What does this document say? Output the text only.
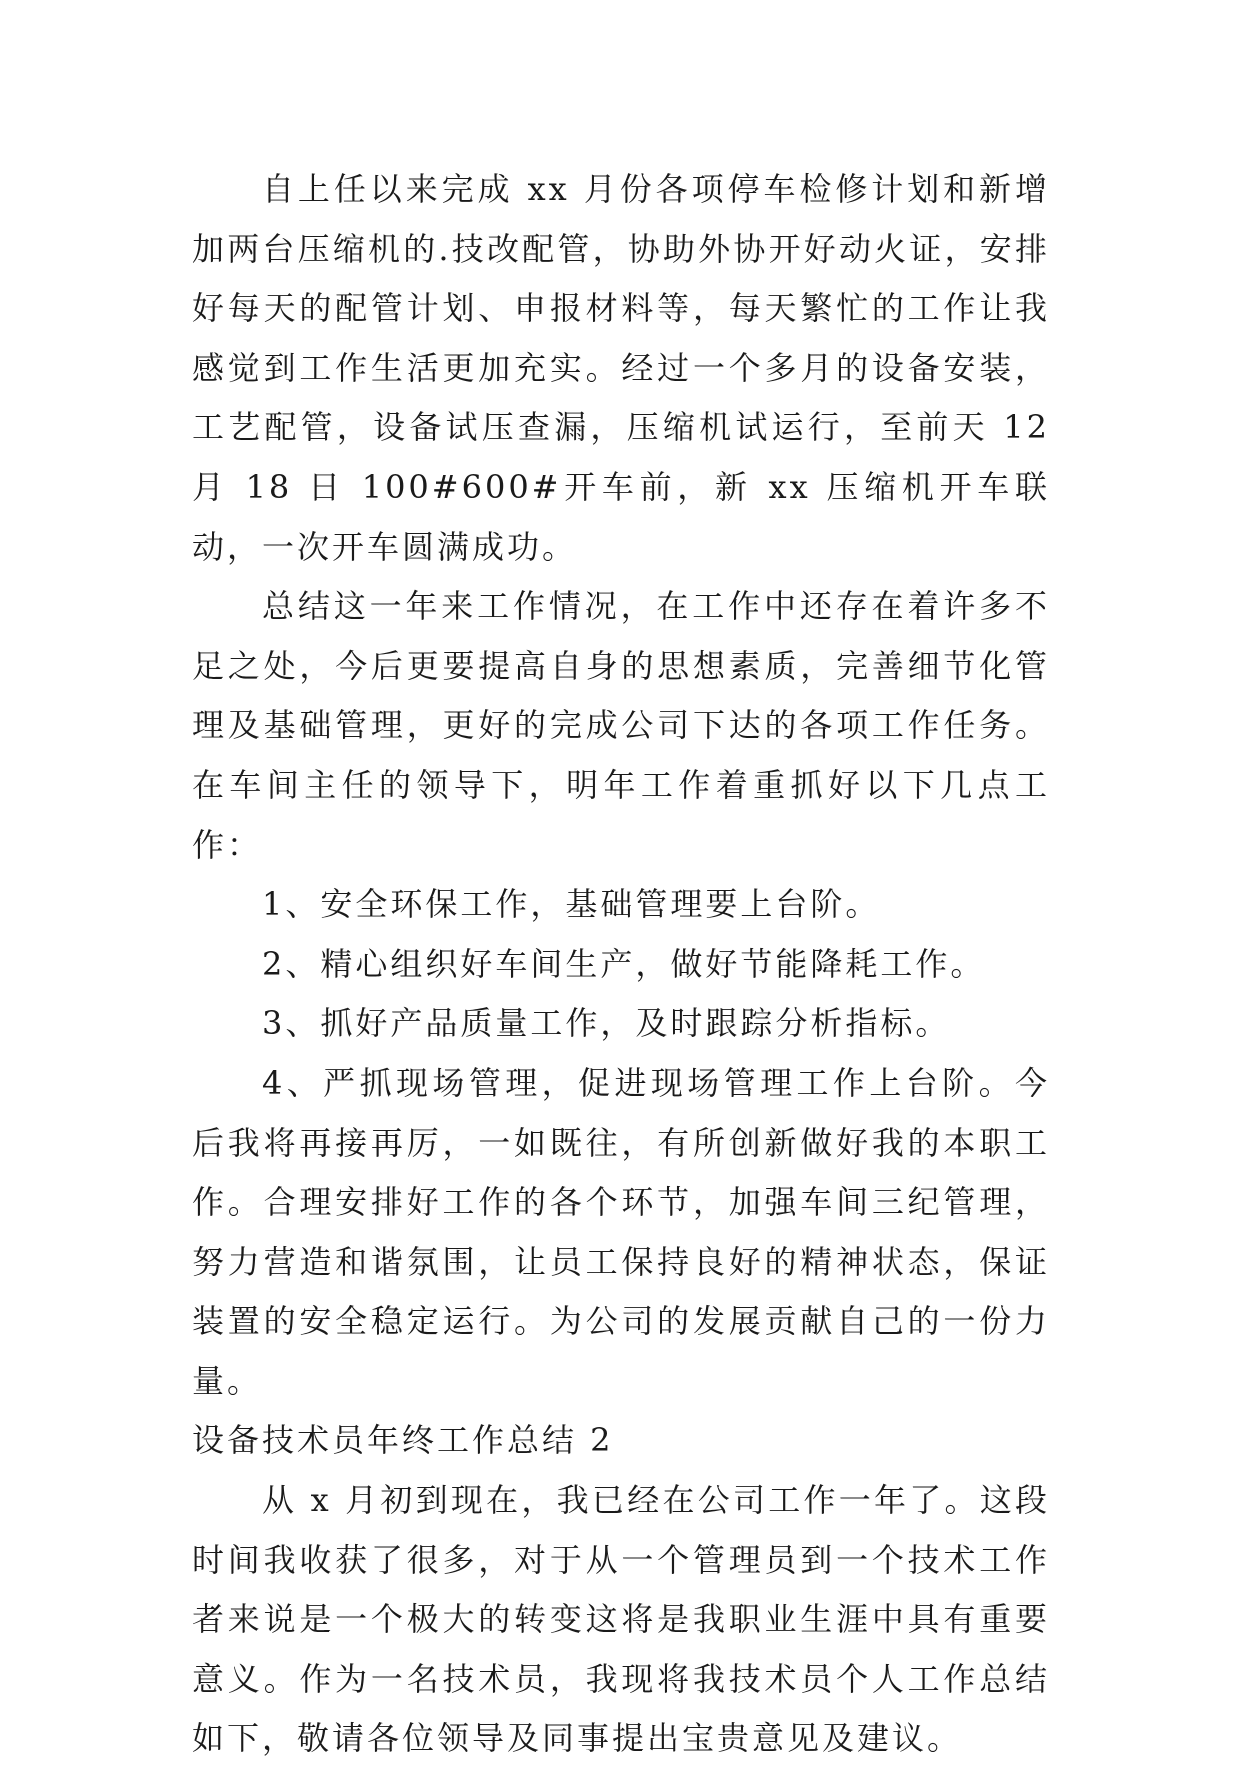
自上任以来完成 xx 月份各项停车检修计划和新增加两台压缩机的.技改配管，协助外协开好动火证，安排好每天的配管计划、申报材料等，每天繁忙的工作让我感觉到工作生活更加充实。经过一个多月的设备安装，工艺配管，设备试压查漏，压缩机试运行，至前天 12 月 18 日 100#600#开车前，新 xx 压缩机开车联动，一次开车圆满成功。

总结这一年来工作情况，在工作中还存在着许多不足之处，今后更要提高自身的思想素质，完善细节化管理及基础管理，更好的完成公司下达的各项工作任务。在车间主任的领导下，明年工作着重抓好以下几点工作：

1、安全环保工作，基础管理要上台阶。

2、精心组织好车间生产，做好节能降耗工作。

3、抓好产品质量工作，及时跟踪分析指标。

4、严抓现场管理，促进现场管理工作上台阶。今后我将再接再厉，一如既往，有所创新做好我的本职工作。合理安排好工作的各个环节，加强车间三纪管理，努力营造和谐氛围，让员工保持良好的精神状态，保证装置的安全稳定运行。为公司的发展贡献自己的一份力量。

设备技术员年终工作总结 2

从 x 月初到现在，我已经在公司工作一年了。这段时间我收获了很多，对于从一个管理员到一个技术工作者来说是一个极大的转变这将是我职业生涯中具有重要意义。作为一名技术员，我现将我技术员个人工作总结如下，敬请各位领导及同事提出宝贵意见及建议。
